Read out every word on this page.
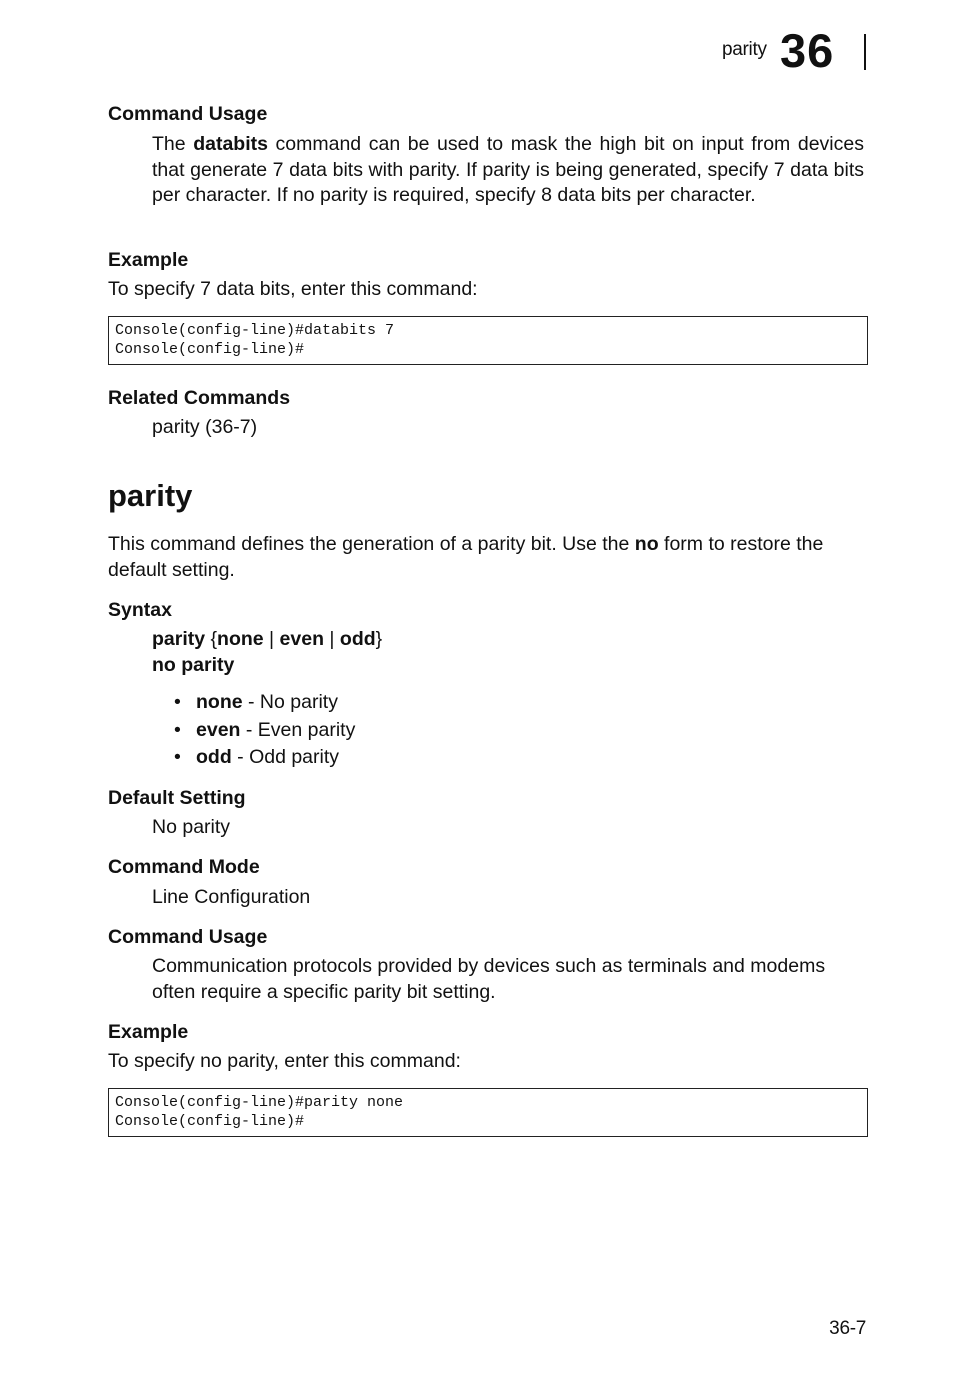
parity 36
Command Usage
The databits command can be used to mask the high bit on input from devices that generate 7 data bits with parity. If parity is being generated, specify 7 data bits per character. If no parity is required, specify 8 data bits per character.
Example
To specify 7 data bits, enter this command:
Console(config-line)#databits 7
Console(config-line)#
Related Commands
parity (36-7)
parity
This command defines the generation of a parity bit. Use the no form to restore the default setting.
Syntax
parity {none | even | odd}
no parity
• none - No parity
• even - Even parity
• odd - Odd parity
Default Setting
No parity
Command Mode
Line Configuration
Command Usage
Communication protocols provided by devices such as terminals and modems often require a specific parity bit setting.
Example
To specify no parity, enter this command:
Console(config-line)#parity none
Console(config-line)#
36-7
